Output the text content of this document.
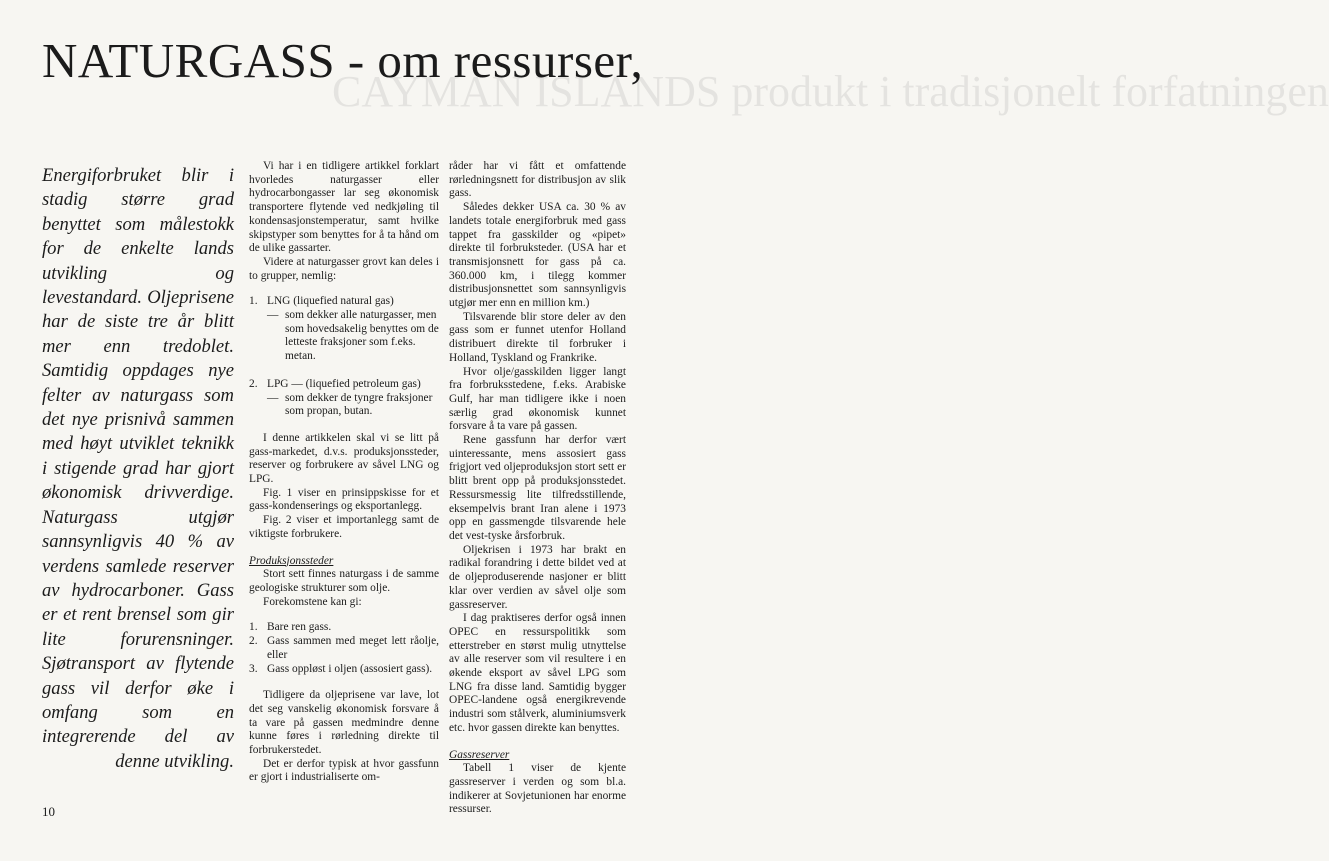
CAYMAN ISLANDS produkt i tradisjonelt forfatningen
NATURGASS - om ressurser,

Energiforbruket blir i stadig større grad benyttet som målestokk for de enkelte lands utvikling og levestandard. Oljeprisene har de siste tre år blitt mer enn tredoblet. Samtidig oppdages nye felter av naturgass som det nye prisnivå sammen med høyt utviklet teknikk i stigende grad har gjort økonomisk drivverdige. Naturgass utgjør sannsynligvis 40 % av verdens samlede reserver av hydrocarboner. Gass er et rent brensel som gir lite forurensninger. Sjøtransport av flytende gass vil derfor øke i omfang som en integrerende del av denne utvikling.

Vi har i en tidligere artikkel forklart hvorledes naturgasser eller hydrocarbongasser lar seg økonomisk transportere flytende ved nedkjøling til kondensasjonstemperatur, samt hvilke skipstyper som benyttes for å ta hånd om de ulike gassarter.

Videre at naturgasser grovt kan deles i to grupper, nemlig:

1. LNG (liquefied natural gas)
— som dekker alle naturgasser, men som hovedsakelig benyttes om de letteste fraksjoner som f.eks. metan.
2. LPG — (liquefied petroleum gas)
— som dekker de tyngre fraksjoner som propan, butan.

I denne artikkelen skal vi se litt på gass-markedet, d.v.s. produksjonssteder, reserver og forbrukere av såvel LNG og LPG.

Fig. 1 viser en prinsippskisse for et gass-kondenserings og eksportanlegg.

Fig. 2 viser et importanlegg samt de viktigste forbrukere.

Produksjonssteder

Stort sett finnes naturgass i de samme geologiske strukturer som olje.

Forekomstene kan gi:

1. Bare ren gass.
2. Gass sammen med meget lett råolje, eller
3. Gass oppløst i oljen (assosiert gass).

Tidligere da oljeprisene var lave, lot det seg vanskelig økonomisk forsvare å ta vare på gassen medmindre denne kunne føres i rørledning direkte til forbrukerstedet.

Det er derfor typisk at hvor gassfunn er gjort i industrialiserte om-

råder har vi fått et omfattende rørledningsnett for distribusjon av slik gass.

Således dekker USA ca. 30 % av landets totale energiforbruk med gass tappet fra gasskilder og «pipet» direkte til forbruksteder. (USA har et transmisjonsnett for gass på ca. 360.000 km, i tilegg kommer distribusjonsnettet som sannsynligvis utgjør mer enn en million km.)

Tilsvarende blir store deler av den gass som er funnet utenfor Holland distribuert direkte til forbruker i Holland, Tyskland og Frankrike.

Hvor olje/gasskilden ligger langt fra forbruksstedene, f.eks. Arabiske Gulf, har man tidligere ikke i noen særlig grad økonomisk kunnet forsvare å ta vare på gassen.

Rene gassfunn har derfor vært uinteressante, mens assosiert gass frigjort ved oljeproduksjon stort sett er blitt brent opp på produksjonsstedet. Ressursmessig lite tilfredsstillende, eksempelvis brant Iran alene i 1973 opp en gassmengde tilsvarende hele det vest-tyske årsforbruk.

Oljekrisen i 1973 har brakt en radikal forandring i dette bildet ved at de oljeproduserende nasjoner er blitt klar over verdien av såvel olje som gassreserver.

I dag praktiseres derfor også innen OPEC en ressurspolitikk som etterstreber en størst mulig utnyttelse av alle reserver som vil resultere i en økende eksport av såvel LPG som LNG fra disse land. Samtidig bygger OPEC-landene også energikrevende industri som stålverk, aluminiumsverk etc. hvor gassen direkte kan benyttes.

Gassreserver

Tabell 1 viser de kjente gassreserver i verden og som bl.a. indikerer at Sovjetunionen har enorme ressurser.

10
